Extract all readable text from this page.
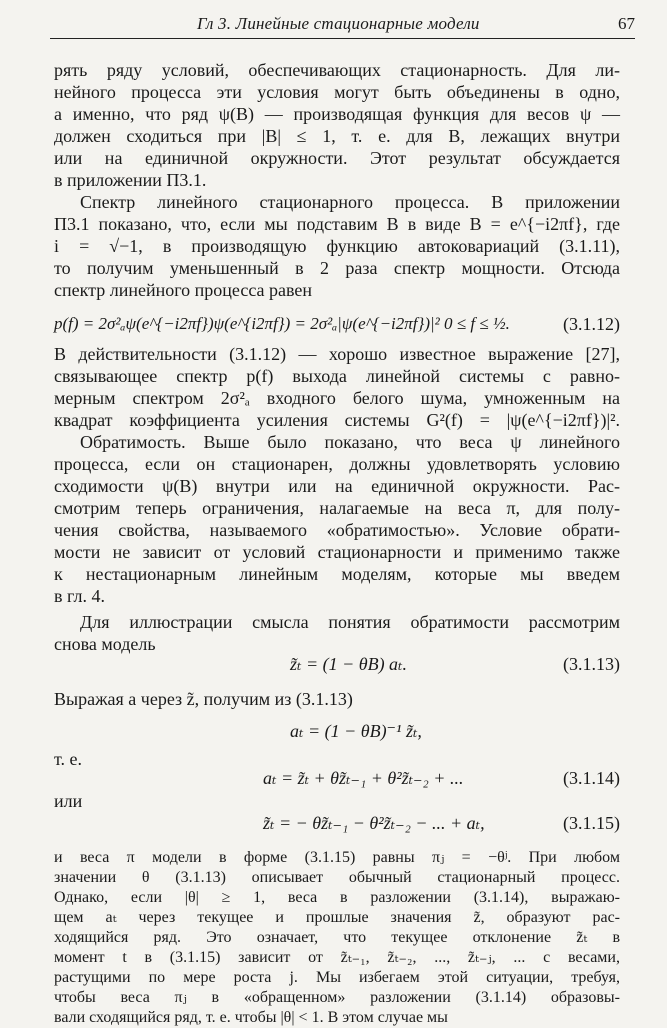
Гл 3. Линейные стационарные модели	67
рять ряду условий, обеспечивающих стационарность. Для ли-
нейного процесса эти условия могут быть объединены в одно,
а именно, что ряд ψ(B) — производящая функция для весов ψ —
должен сходиться при |B| ≤ 1, т. е. для B, лежащих внутри
или на единичной окружности. Этот результат обсуждается
в приложении П3.1.
Спектр линейного стационарного процесса. В приложении
П3.1 показано, что, если мы подставим B в виде B = e^{−i2πf}, где
i = √−1, в производящую функцию автоковариаций (3.1.11),
то получим уменьшенный в 2 раза спектр мощности. Отсюда
спектр линейного процесса равен
p(f) = 2σ²ₐψ(e^{−i2πf})ψ(e^{i2πf}) = 2σ²ₐ|ψ(e^{−i2πf})|² 0 ≤ f ≤ ½.	(3.1.12)
В действительности (3.1.12) — хорошо известное выражение [27],
связывающее спектр p(f) выхода линейной системы с равно-
мерным спектром 2σ²ₐ входного белого шума, умноженным на
квадрат коэффициента усиления системы G²(f) = |ψ(e^{−i2πf})|².
Обратимость. Выше было показано, что веса ψ линейного
процесса, если он стационарен, должны удовлетворять условию
сходимости ψ(B) внутри или на единичной окружности. Рас-
смотрим теперь ограничения, налагаемые на веса π, для полу-
чения свойства, называемого «обратимостью». Условие обрати-
мости не зависит от условий стационарности и применимо также
к нестационарным линейным моделям, которые мы введем
в гл. 4.
Для иллюстрации смысла понятия обратимости рассмотрим
снова модель
z̃ₜ = (1 − θB) aₜ.	(3.1.13)
Выражая a через z̃, получим из (3.1.13)
aₜ = (1 − θB)⁻¹ z̃ₜ,
т. е.
aₜ = z̃ₜ + θz̃ₜ₋₁ + θ²z̃ₜ₋₂ + ...	(3.1.14)
или
z̃ₜ = − θz̃ₜ₋₁ − θ²z̃ₜ₋₂ − ... + aₜ,	(3.1.15)
и веса π модели в форме (3.1.15) равны πⱼ = −θʲ. При любом
значении θ (3.1.13) описывает обычный стационарный процесс.
Однако, если |θ| ≥ 1, веса в разложении (3.1.14), выражаю-
щем aₜ через текущее и прошлые значения z̃, образуют рас-
ходящийся ряд. Это означает, что текущее отклонение z̃ₜ в
момент t в (3.1.15) зависит от z̃ₜ₋₁, z̃ₜ₋₂, ..., z̃ₜ₋ⱼ, ... с весами,
растущими по мере роста j. Мы избегаем этой ситуации, требуя,
чтобы веса πⱼ в «обращенном» разложении (3.1.14) образовы-
вали сходящийся ряд, т. е. чтобы |θ| < 1. В этом случае мы
